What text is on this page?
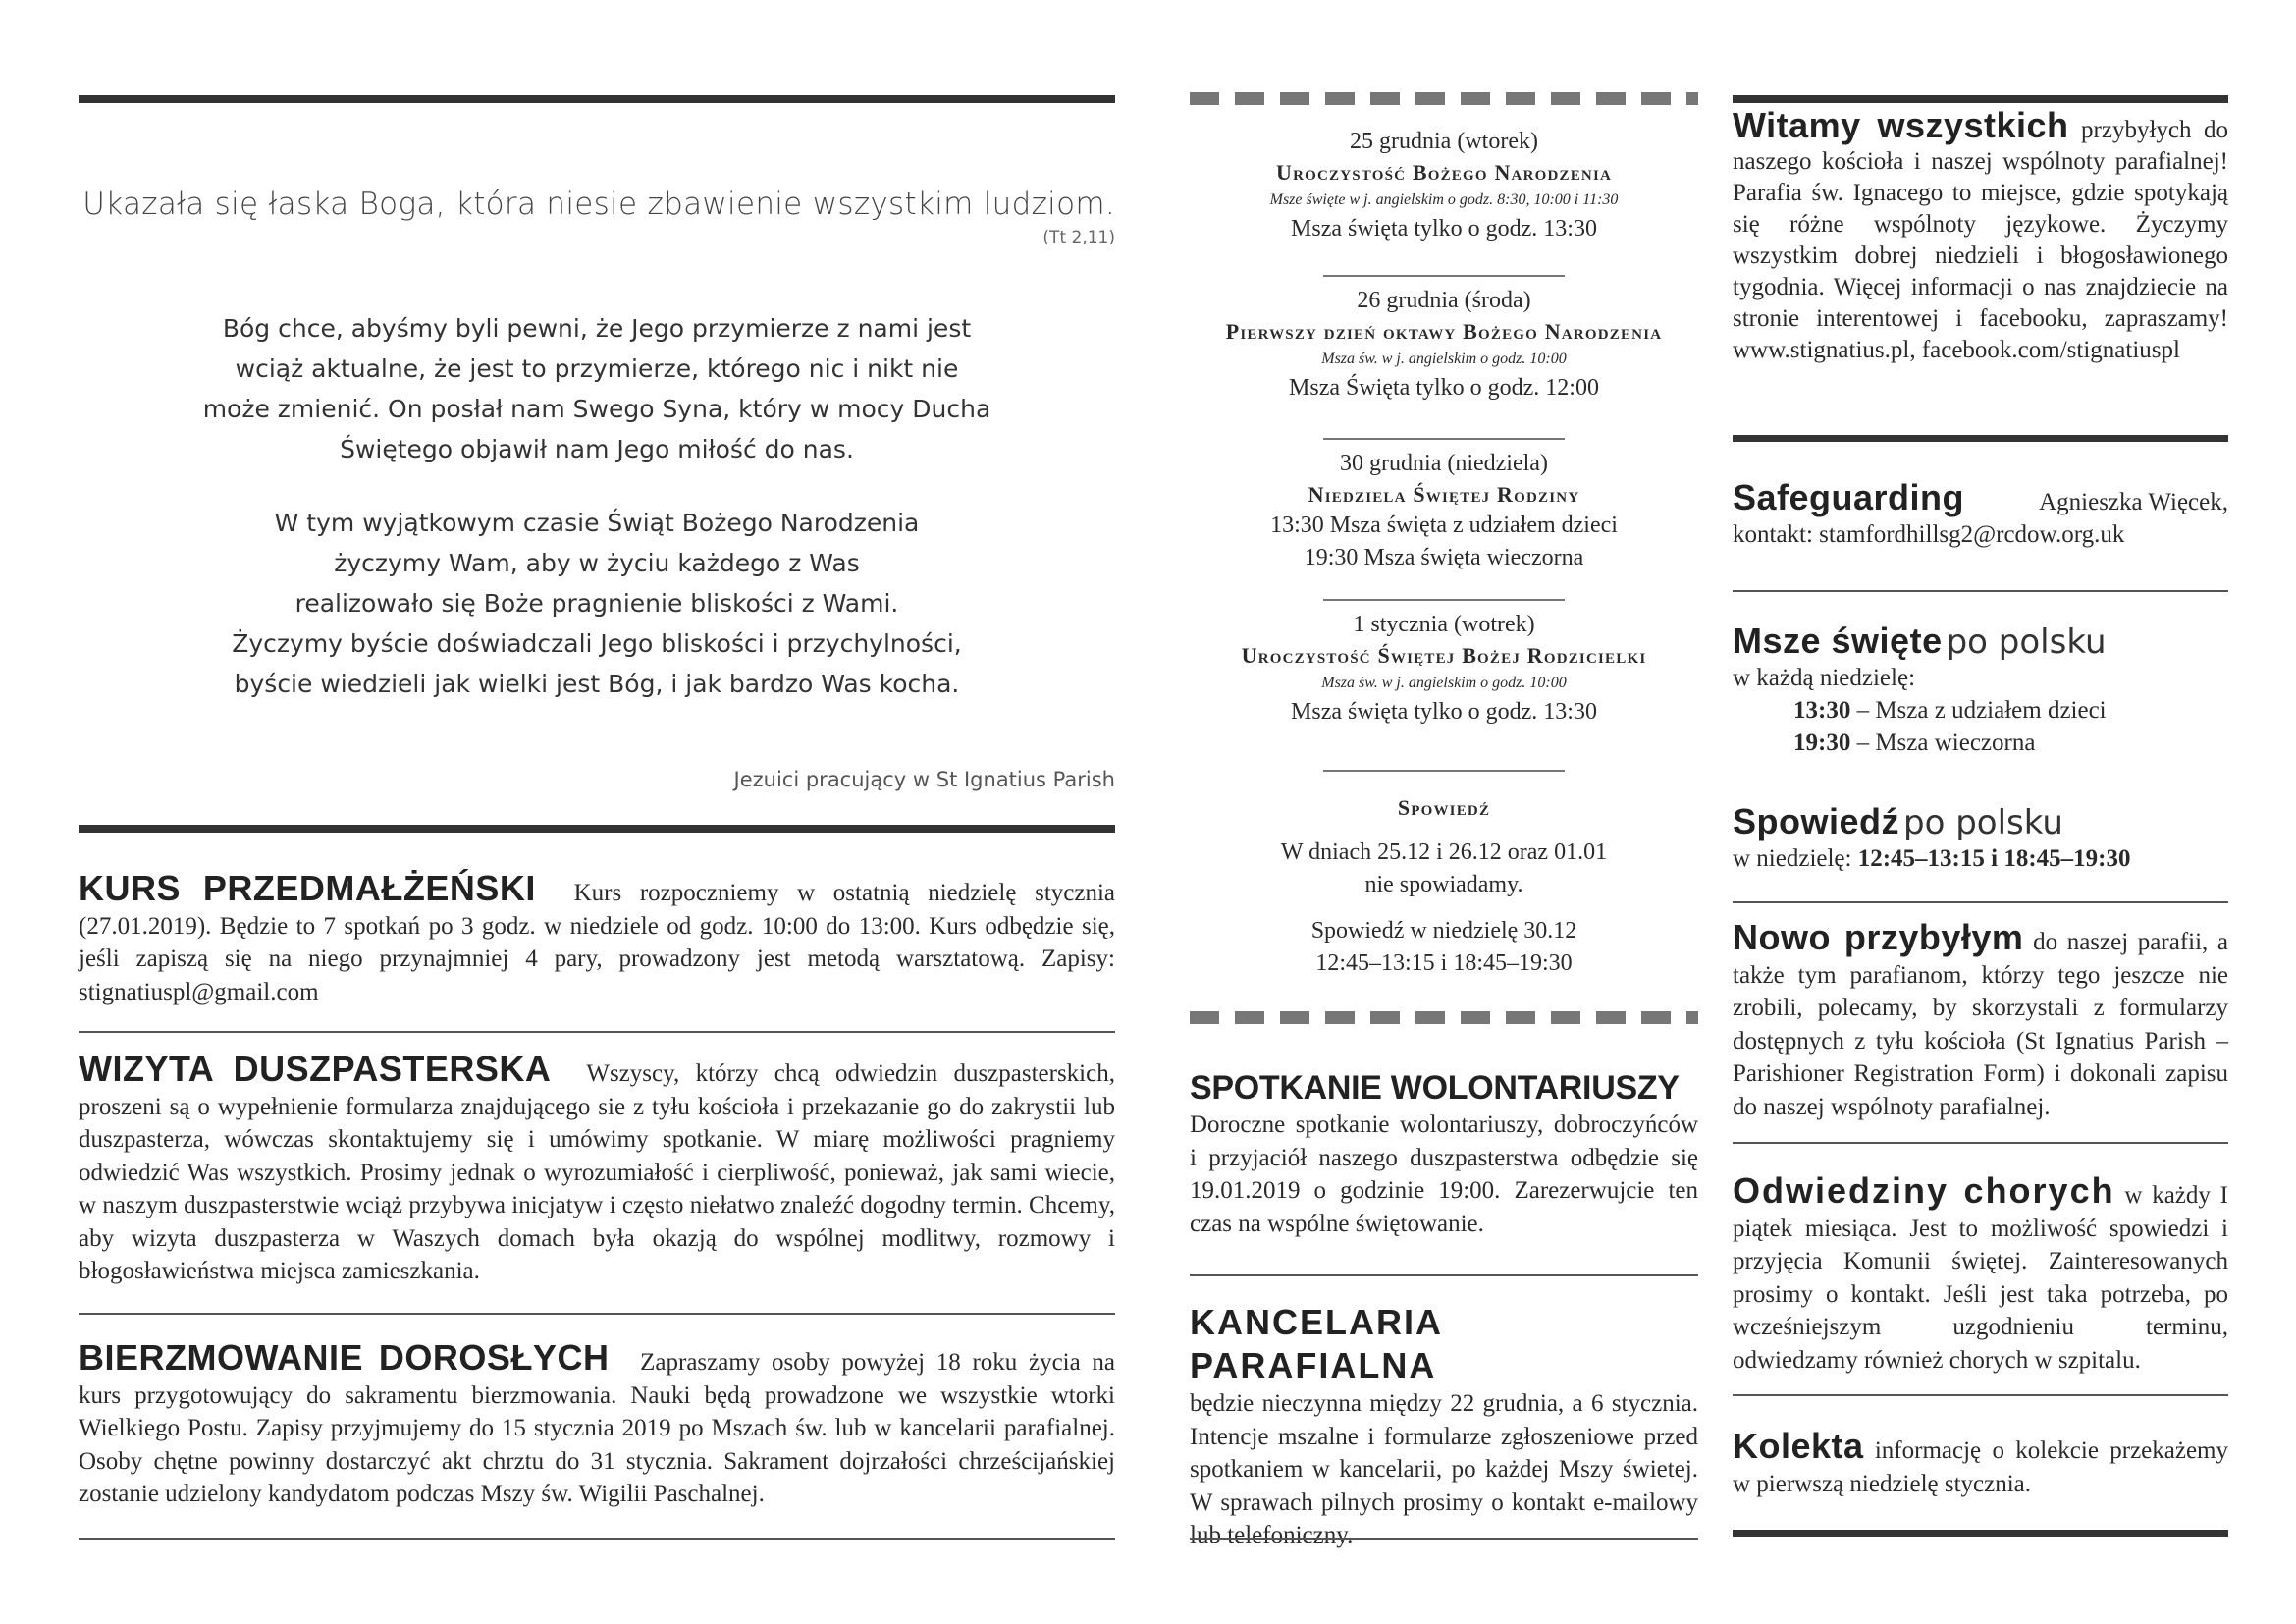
Ukazała się łaska Boga, która niesie zbawienie wszystkim ludziom.
(Tt 2,11)
Bóg chce, abyśmy byli pewni, że Jego przymierze z nami jest
wciąż aktualne, że jest to przymierze, którego nic i nikt nie
może zmienić. On posłał nam Swego Syna, który w mocy Ducha
Świętego objawił nam Jego miłość do nas.
W tym wyjątkowym czasie Świąt Bożego Narodzenia
życzymy Wam, aby w życiu każdego z Was
realizowało się Boże pragnienie bliskości z Wami.
Życzymy byście doświadczali Jego bliskości i przychylności,
byście wiedzieli jak wielki jest Bóg, i jak bardzo Was kocha.
Jezuici pracujący w St Ignatius Parish

KURS PRZEDMAŁŻEŃSKI Kurs rozpoczniemy w ostatnią niedzielę stycznia (27.01.2019). Będzie to 7 spotkań po 3 godz. w niedziele od godz. 10:00 do 13:00. Kurs odbędzie się, jeśli zapiszą się na niego przynajmniej 4 pary, prowadzony jest metodą warsztatową. Zapisy: stignatiuspl@gmail.com

WIZYTA DUSZPASTERSKA Wszyscy, którzy chcą odwiedzin duszpasterskich, proszeni są o wypełnienie formularza znajdującego sie z tyłu kościoła i przekazanie go do zakrystii lub duszpasterza, wówczas skontaktujemy się i umówimy spotkanie. W miarę możliwości pragniemy odwiedzić Was wszystkich. Prosimy jednak o wyrozumiałość i cierpliwość, ponieważ, jak sami wiecie, w naszym duszpasterstwie wciąż przybywa inicjatyw i często niełatwo znaleźć dogodny termin. Chcemy, aby wizyta duszpasterza w Waszych domach była okazją do wspólnej modlitwy, rozmowy i błogosławieństwa miejsca zamieszkania.

BIERZMOWANIE DOROSŁYCH Zapraszamy osoby powyżej 18 roku życia na kurs przygotowujący do sakramentu bierzmowania. Nauki będą prowadzone we wszystkie wtorki Wielkiego Postu. Zapisy przyjmujemy do 15 stycznia 2019 po Mszach św. lub w kancelarii parafialnej. Osoby chętne powinny dostarczyć akt chrztu do 31 stycznia. Sakrament dojrzałości chrześcijańskiej zostanie udzielony kandydatom podczas Mszy św. Wigilii Paschalnej.

25 grudnia (wtorek)
Uroczystość Bożego Narodzenia
Msze święte w j. angielskim o godz. 8:30, 10:00 i 11:30
Msza święta tylko o godz. 13:30
26 grudnia (środa)
Pierwszy dzień oktawy Bożego Narodzenia
Msza św. w j. angielskim o godz. 10:00
Msza Święta tylko o godz. 12:00
30 grudnia (niedziela)
Niedziela Świętej Rodziny
13:30 Msza święta z udziałem dzieci
19:30 Msza święta wieczorna
1 stycznia (wotrek)
Uroczystość Świętej Bożej Rodzicielki
Msza św. w j. angielskim o godz. 10:00
Msza święta tylko o godz. 13:30
Spowiedź
W dniach 25.12 i 26.12 oraz 01.01
nie spowiadamy.
Spowiedź w niedzielę 30.12
12:45–13:15 i 18:45–19:30
SPOTKANIE WOLONTARIUSZY

Doroczne spotkanie wolontariuszy, dobroczyńców i przyjaciół naszego duszpasterstwa odbędzie się 19.01.2019 o godzinie 19:00. Zarezerwujcie ten czas na wspólne świętowanie.

KANCELARIA PARAFIALNA

będzie nieczynna między 22 grudnia, a 6 stycznia. Intencje mszalne i formularze zgłoszeniowe przed spotkaniem w kancelarii, po każdej Mszy świetej. W sprawach pilnych prosimy o kontakt e-mailowy lub telefoniczny.

Witamy wszystkich przybyłych do naszego kościoła i naszej wspólnoty parafialnej! Parafia św. Ignacego to miejsce, gdzie spotykają się różne wspólnoty językowe. Życzymy wszystkim dobrej niedzieli i błogosławionego tygodnia. Więcej informacji o nas znajdziecie na stronie interentowej i facebooku, zapraszamy! www.stignatius.pl, facebook.com/stignatiuspl

Safeguarding	Agnieszka Więcek,
kontakt: stamfordhillsg2@rcdow.org.uk
Msze święte po polsku
w każdą niedzielę:
13:30 – Msza z udziałem dzieci
19:30 – Msza wieczorna
Spowiedź po polsku
w niedzielę: 12:45–13:15 i 18:45–19:30

Nowo przybyłym do naszej parafii, a także tym parafianom, którzy tego jeszcze nie zrobili, polecamy, by skorzystali z formularzy dostępnych z tyłu kościoła (St Ignatius Parish – Parishioner Registration Form) i dokonali zapisu do naszej wspólnoty parafialnej.

Odwiedziny chorych w każdy I piątek miesiąca. Jest to możliwość spowiedzi i przyjęcia Komunii świętej. Zainteresowanych prosimy o kontakt. Jeśli jest taka potrzeba, po wcześniejszym uzgodnieniu terminu, odwiedzamy również chorych w szpitalu.

Kolekta informację o kolekcie przekażemy w pierwszą niedzielę stycznia.
